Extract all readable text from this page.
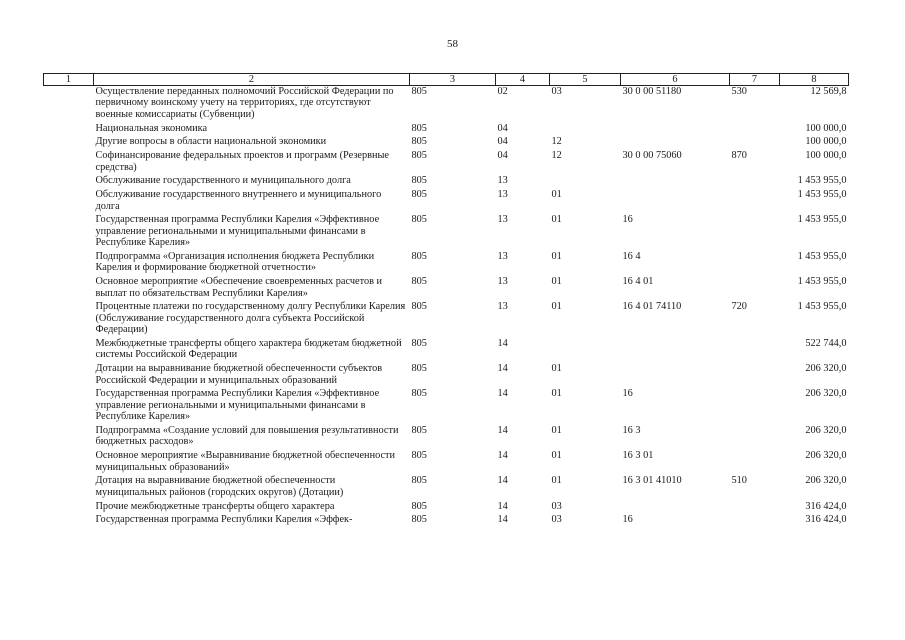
58
1	2	3	4	5	6	7	8
	Осуществление переданных полномочий Российской Федерации по первичному воинскому учету на территориях, где отсутствуют военные комиссариаты (Субвенции)	805	02	03	30 0 00 51180	530	12 569,8
	Национальная экономика	805	04				100 000,0
	Другие вопросы в области национальной экономики	805	04	12			100 000,0
	Софинансирование федеральных проектов и программ (Резервные средства)	805	04	12	30 0 00 75060	870	100 000,0
	Обслуживание государственного и муниципального долга	805	13				1 453 955,0
	Обслуживание государственного внутреннего и муниципального долга	805	13	01			1 453 955,0
	Государственная программа Республики Карелия «Эффективное управление региональными и муниципальными финансами в Республике Карелия»	805	13	01	16		1 453 955,0
	Подпрограмма «Организация исполнения бюджета Республики Карелия и формирование бюджетной отчетности»	805	13	01	16 4		1 453 955,0
	Основное мероприятие «Обеспечение своевременных расчетов и выплат по обязательствам Республики Карелия»	805	13	01	16 4 01		1 453 955,0
	Процентные платежи по государственному долгу Республики Карелия (Обслуживание государственного долга субъекта Российской Федерации)	805	13	01	16 4 01 74110	720	1 453 955,0
	Межбюджетные трансферты общего характера бюджетам бюджетной системы Российской Федерации	805	14				522 744,0
	Дотации на выравнивание бюджетной обеспеченности субъектов Российской Федерации и муниципальных образований	805	14	01			206 320,0
	Государственная программа Республики Карелия «Эффективное управление региональными и муниципальными финансами в Республике Карелия»	805	14	01	16		206 320,0
	Подпрограмма «Создание условий для повышения результативности бюджетных расходов»	805	14	01	16 3		206 320,0
	Основное мероприятие «Выравнивание бюджетной обеспеченности муниципальных образований»	805	14	01	16 3 01		206 320,0
	Дотация на выравнивание бюджетной обеспеченности муниципальных районов (городских округов) (Дотации)	805	14	01	16 3 01 41010	510	206 320,0
	Прочие межбюджетные трансферты общего характера	805	14	03			316 424,0
	Государственная программа Республики Карелия «Эффек-	805	14	03	16		316 424,0
